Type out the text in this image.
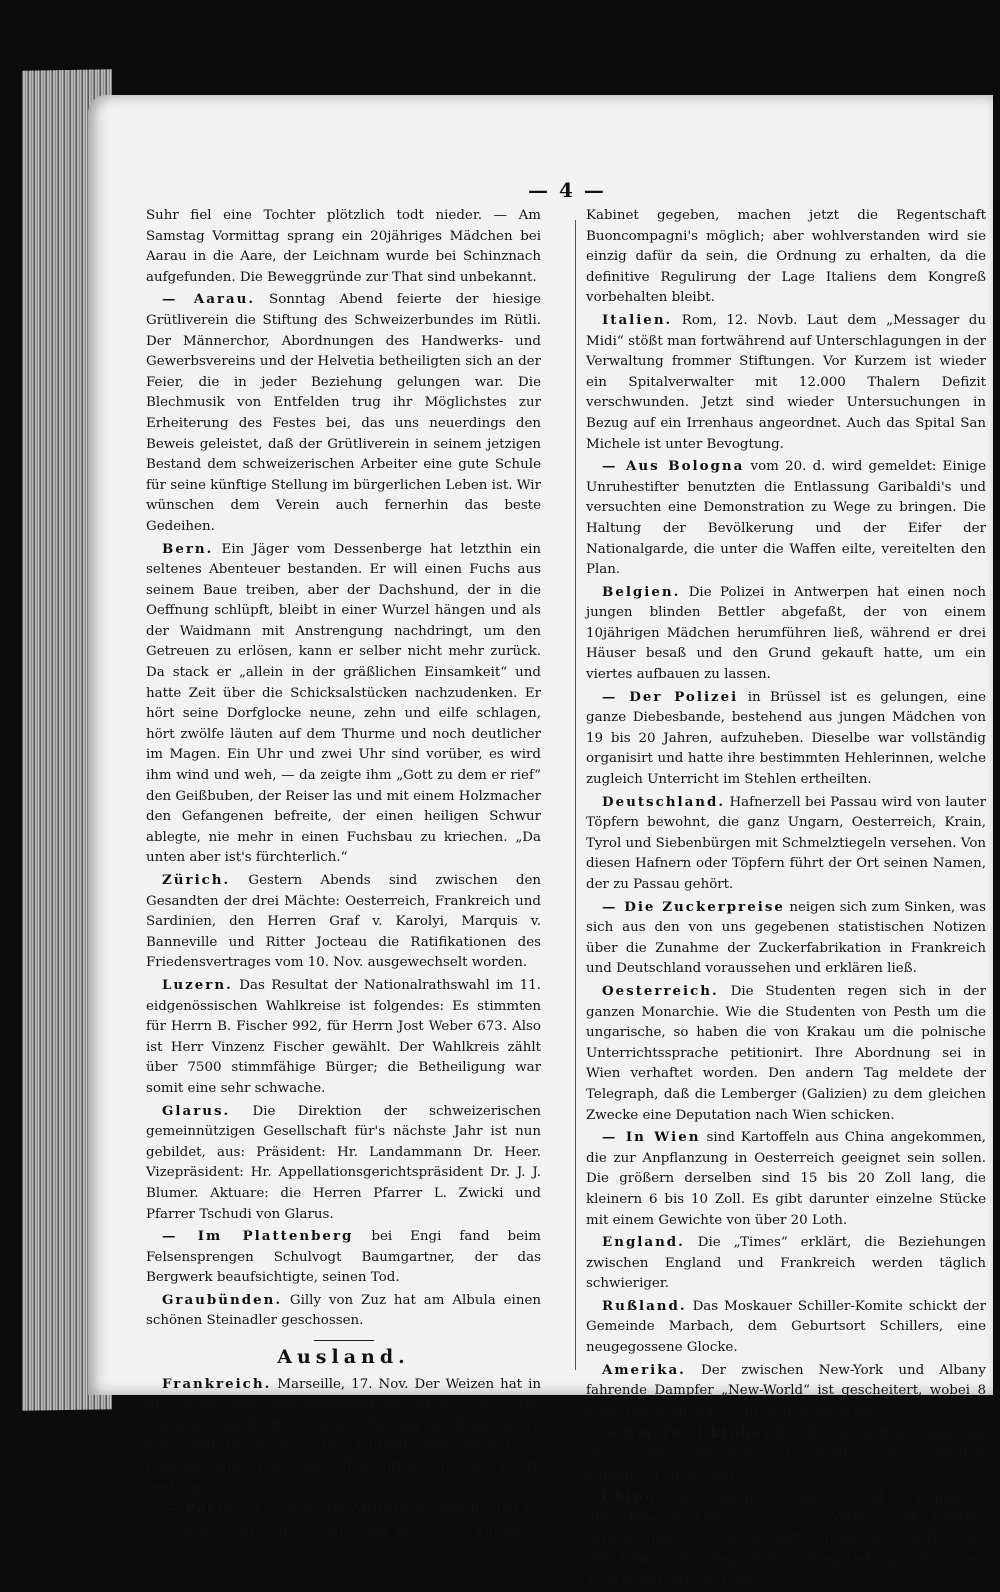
— 4 —

Suhr fiel eine Tochter plötzlich todt nieder. — Am Samstag Vormittag sprang ein 20jähriges Mädchen bei Aarau in die Aare, der Leichnam wurde bei Schinznach aufgefunden. Die Beweggründe zur That sind unbekannt.

— Aarau. Sonntag Abend feierte der hiesige Grütliverein die Stiftung des Schweizerbundes im Rütli. Der Männerchor, Abordnungen des Handwerks- und Gewerbsvereins und der Helvetia betheiligten sich an der Feier, die in jeder Beziehung gelungen war. Die Blechmusik von Entfelden trug ihr Möglichstes zur Erheiterung des Festes bei, das uns neuerdings den Beweis geleistet, daß der Grütliverein in seinem jetzigen Bestand dem schweizerischen Arbeiter eine gute Schule für seine künftige Stellung im bürgerlichen Leben ist. Wir wünschen dem Verein auch fernerhin das beste Gedeihen.

Bern. Ein Jäger vom Dessenberge hat letzthin ein seltenes Abenteuer bestanden. Er will einen Fuchs aus seinem Baue treiben, aber der Dachshund, der in die Oeffnung schlüpft, bleibt in einer Wurzel hängen und als der Waidmann mit Anstrengung nachdringt, um den Getreuen zu erlösen, kann er selber nicht mehr zurück. Da stack er „allein in der gräßlichen Einsamkeit“ und hatte Zeit über die Schicksalstücken nachzudenken. Er hört seine Dorfglocke neune, zehn und eilfe schlagen, hört zwölfe läuten auf dem Thurme und noch deutlicher im Magen. Ein Uhr und zwei Uhr sind vorüber, es wird ihm wind und weh, — da zeigte ihm „Gott zu dem er rief“ den Geißbuben, der Reiser las und mit einem Holzmacher den Gefangenen befreite, der einen heiligen Schwur ablegte, nie mehr in einen Fuchsbau zu kriechen. „Da unten aber ist's fürchterlich.“

Zürich. Gestern Abends sind zwischen den Gesandten der drei Mächte: Oesterreich, Frankreich und Sardinien, den Herren Graf v. Karolyi, Marquis v. Banneville und Ritter Jocteau die Ratifikationen des Friedensvertrages vom 10. Nov. ausgewechselt worden.

Luzern. Das Resultat der Nationalrathswahl im 11. eidgenössischen Wahlkreise ist folgendes: Es stimmten für Herrn B. Fischer 992, für Herrn Jost Weber 673. Also ist Herr Vinzenz Fischer gewählt. Der Wahlkreis zählt über 7500 stimmfähige Bürger; die Betheiligung war somit eine sehr schwache.

Glarus. Die Direktion der schweizerischen gemeinnützigen Gesellschaft für's nächste Jahr ist nun gebildet, aus: Präsident: Hr. Landammann Dr. Heer. Vizepräsident: Hr. Appellationsgerichtspräsident Dr. J. J. Blumer. Aktuare: die Herren Pfarrer L. Zwicki und Pfarrer Tschudi von Glarus.

— Im Plattenberg bei Engi fand beim Felsensprengen Schulvogt Baumgartner, der das Bergwerk beaufsichtigte, seinen Tod.

Graubünden. Gilly von Zuz hat am Albula einen schönen Steinadler geschossen.

Ausland.

Frankreich. Marseille, 17. Nov. Der Weizen hat in der Voraussicht ungewöhnlicher Nachfrage von Seiten Spaniens und Portugals aufgeschlagen. Auch das baare Silbergeld ist in Folge der Einkäufe von Getreide in Rußland und den Donaufürstenthümern, im Werth gestiegen.

— Paris, 21. Novbr. Ein Artikel von Grandguillot im „Constitutionell“ sagt: Erklärungen, welche das Turiner

Kabinet gegeben, machen jetzt die Regentschaft Buoncompagni's möglich; aber wohlverstanden wird sie einzig dafür da sein, die Ordnung zu erhalten, da die definitive Regulirung der Lage Italiens dem Kongreß vorbehalten bleibt.

Italien. Rom, 12. Novb. Laut dem „Messager du Midi“ stößt man fortwährend auf Unterschlagungen in der Verwaltung frommer Stiftungen. Vor Kurzem ist wieder ein Spitalverwalter mit 12.000 Thalern Defizit verschwunden. Jetzt sind wieder Untersuchungen in Bezug auf ein Irrenhaus angeordnet. Auch das Spital San Michele ist unter Bevogtung.

— Aus Bologna vom 20. d. wird gemeldet: Einige Unruhestifter benutzten die Entlassung Garibaldi's und versuchten eine Demonstration zu Wege zu bringen. Die Haltung der Bevölkerung und der Eifer der Nationalgarde, die unter die Waffen eilte, vereitelten den Plan.

Belgien. Die Polizei in Antwerpen hat einen noch jungen blinden Bettler abgefaßt, der von einem 10jährigen Mädchen herumführen ließ, während er drei Häuser besaß und den Grund gekauft hatte, um ein viertes aufbauen zu lassen.

— Der Polizei in Brüssel ist es gelungen, eine ganze Diebesbande, bestehend aus jungen Mädchen von 19 bis 20 Jahren, aufzuheben. Dieselbe war vollständig organisirt und hatte ihre bestimmten Hehlerinnen, welche zugleich Unterricht im Stehlen ertheilten.

Deutschland. Hafnerzell bei Passau wird von lauter Töpfern bewohnt, die ganz Ungarn, Oesterreich, Krain, Tyrol und Siebenbürgen mit Schmelztiegeln versehen. Von diesen Hafnern oder Töpfern führt der Ort seinen Namen, der zu Passau gehört.

— Die Zuckerpreise neigen sich zum Sinken, was sich aus den von uns gegebenen statistischen Notizen über die Zunahme der Zuckerfabrikation in Frankreich und Deutschland voraussehen und erklären ließ.

Oesterreich. Die Studenten regen sich in der ganzen Monarchie. Wie die Studenten von Pesth um die ungarische, so haben die von Krakau um die polnische Unterrichtssprache petitionirt. Ihre Abordnung sei in Wien verhaftet worden. Den andern Tag meldete der Telegraph, daß die Lemberger (Galizien) zu dem gleichen Zwecke eine Deputation nach Wien schicken.

— In Wien sind Kartoffeln aus China angekommen, die zur Anpflanzung in Oesterreich geeignet sein sollen. Die größern derselben sind 15 bis 20 Zoll lang, die kleinern 6 bis 10 Zoll. Es gibt darunter einzelne Stücke mit einem Gewichte von über 20 Loth.

England. Die „Times“ erklärt, die Beziehungen zwischen England und Frankreich werden täglich schwieriger.

Rußland. Das Moskauer Schiller-Komite schickt der Gemeinde Marbach, dem Geburtsort Schillers, eine neugegossene Glocke.

Amerika. Der zwischen New-York und Albany fahrende Dampfer „New-World“ ist gescheitert, wobei 8 oder 9 Menschen zu Grunde gegangen sind.

— Am 26. Oktober hat die Internationalbank, und am darauffolgenden Tag die Colonialbank in Toronto ihre Zahlungen eingestellt.

China. Aus Schanghai, 6. Okt., kommt die Depesche, die Chinesen haben auch den Vertrag mit Amerika verletzt, indem sie sich weigerten, die Häfen von Twantow und Taiwon zu öffnen, obwohl deren Oeffnung durch den Vertrag versprochen war.
